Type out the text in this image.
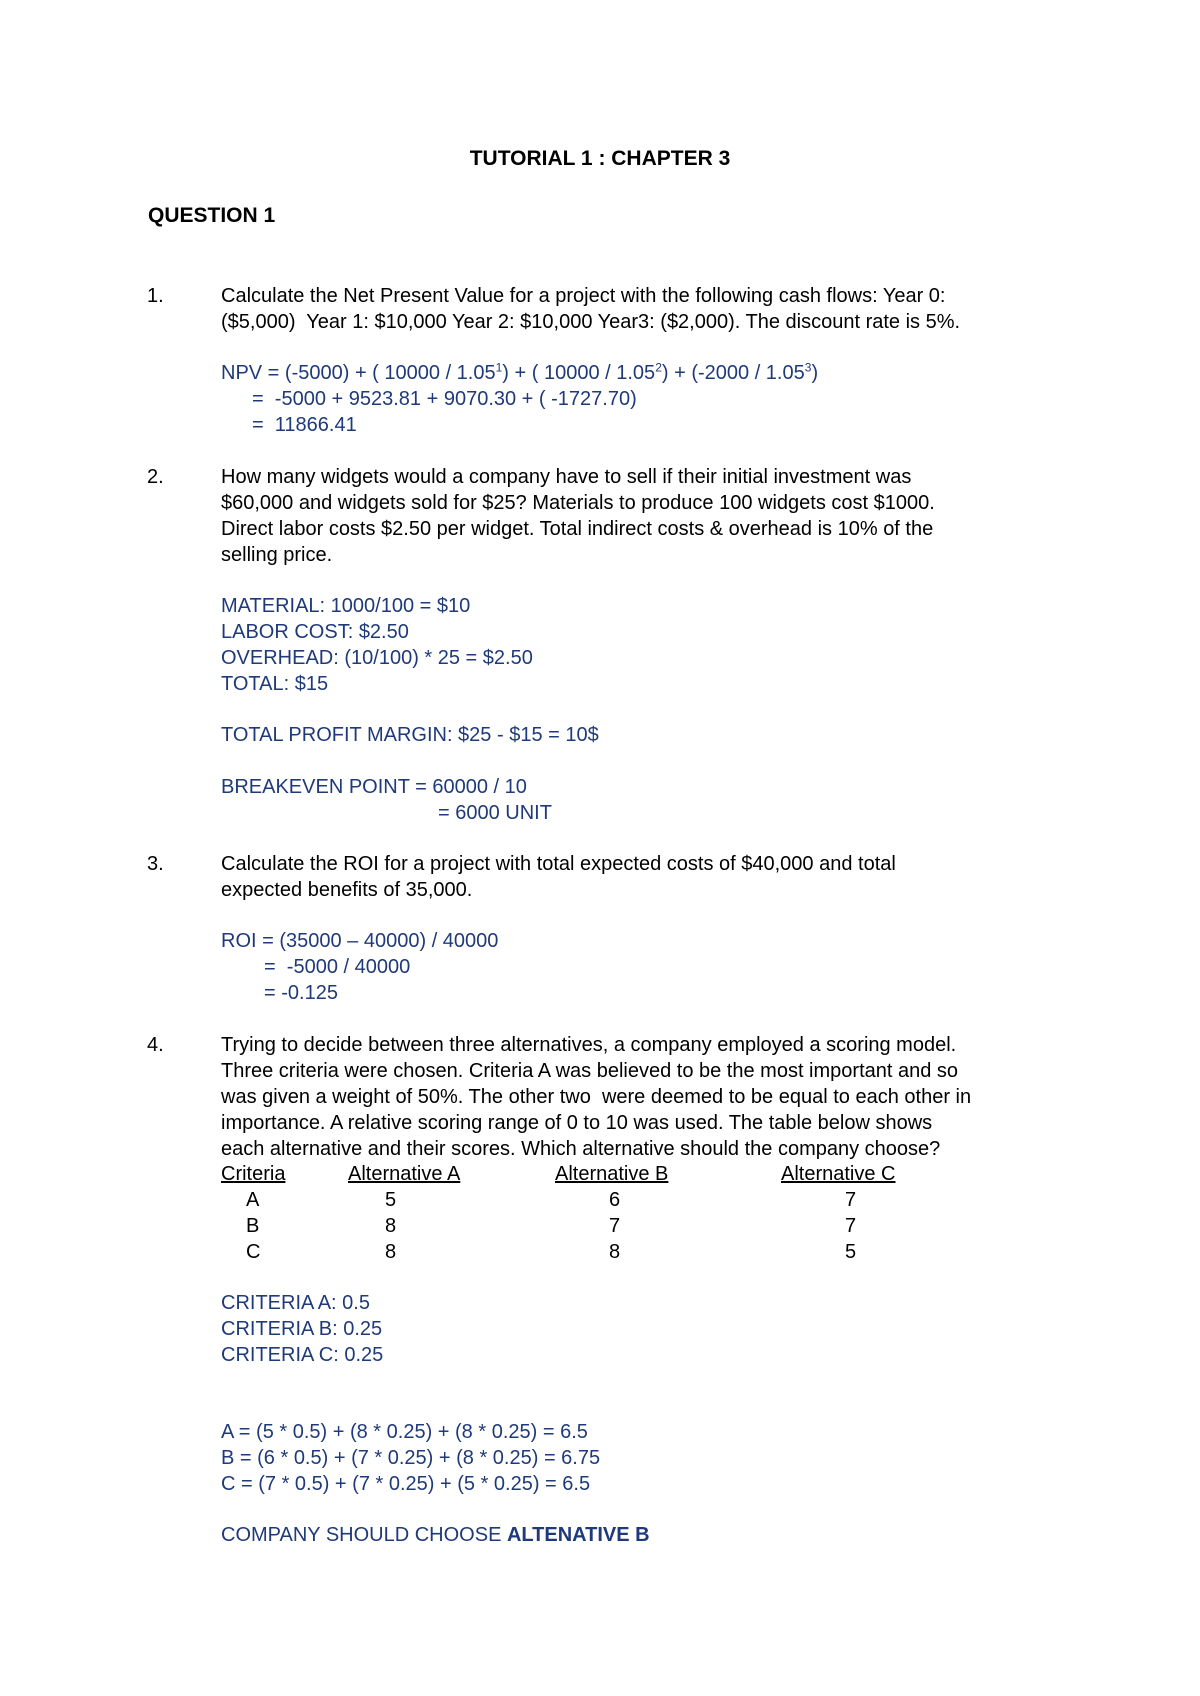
TUTORIAL 1 : CHAPTER 3
QUESTION 1
1.	Calculate the Net Present Value for a project with the following cash flows: Year 0:
($5,000)  Year 1: $10,000 Year 2: $10,000 Year3: ($2,000). The discount rate is 5%.
NPV = (-5000) + ( $10000 / 1.05^1$) + ( $10000 / 1.05^2) + (-2000 / 1.05^3)$
=  -5000 + 9523.81 + 9070.30 + ( -1727.70)
=  11866.41
2.	How many widgets would a company have to sell if their initial investment was
$60,000 and widgets sold for $25? Materials to produce 100 widgets cost $1000.
Direct labor costs $2.50 per widget. Total indirect costs & overhead is 10% of the
selling price.
MATERIAL: 1000/100 = $10
LABOR COST: $2.50
OVERHEAD: (10/100) * 25 = $2.50
TOTAL: $15
TOTAL PROFIT MARGIN: $25 - $15 = 10$
BREAKEVEN POINT = 60000 / 10
= 6000 UNIT
3.	Calculate the ROI for a project with total expected costs of $40,000 and total
expected benefits of 35,000.
ROI = (35000 – 40000) / 40000
=  -5000 / 40000
= -0.125
4.	Trying to decide between three alternatives, a company employed a scoring model.
Three criteria were chosen. Criteria A was believed to be the most important and so
was given a weight of 50%. The other two  were deemed to be equal to each other in
importance. A relative scoring range of 0 to 10 was used. The table below shows
each alternative and their scores. Which alternative should the company choose?
Criteria	Alternative A	Alternative B	Alternative C
A	5	6	7
B	8	7	7
C	8	8	5
CRITERIA A: 0.5
CRITERIA B: 0.25
CRITERIA C: 0.25
A = (5 * 0.5) + (8 * 0.25) + (8 * 0.25) = 6.5
B = (6 * 0.5) + (7 * 0.25) + (8 * 0.25) = 6.75
C = (7 * 0.5) + (7 * 0.25) + (5 * 0.25) = 6.5
COMPANY SHOULD CHOOSE ALTENATIVE B
